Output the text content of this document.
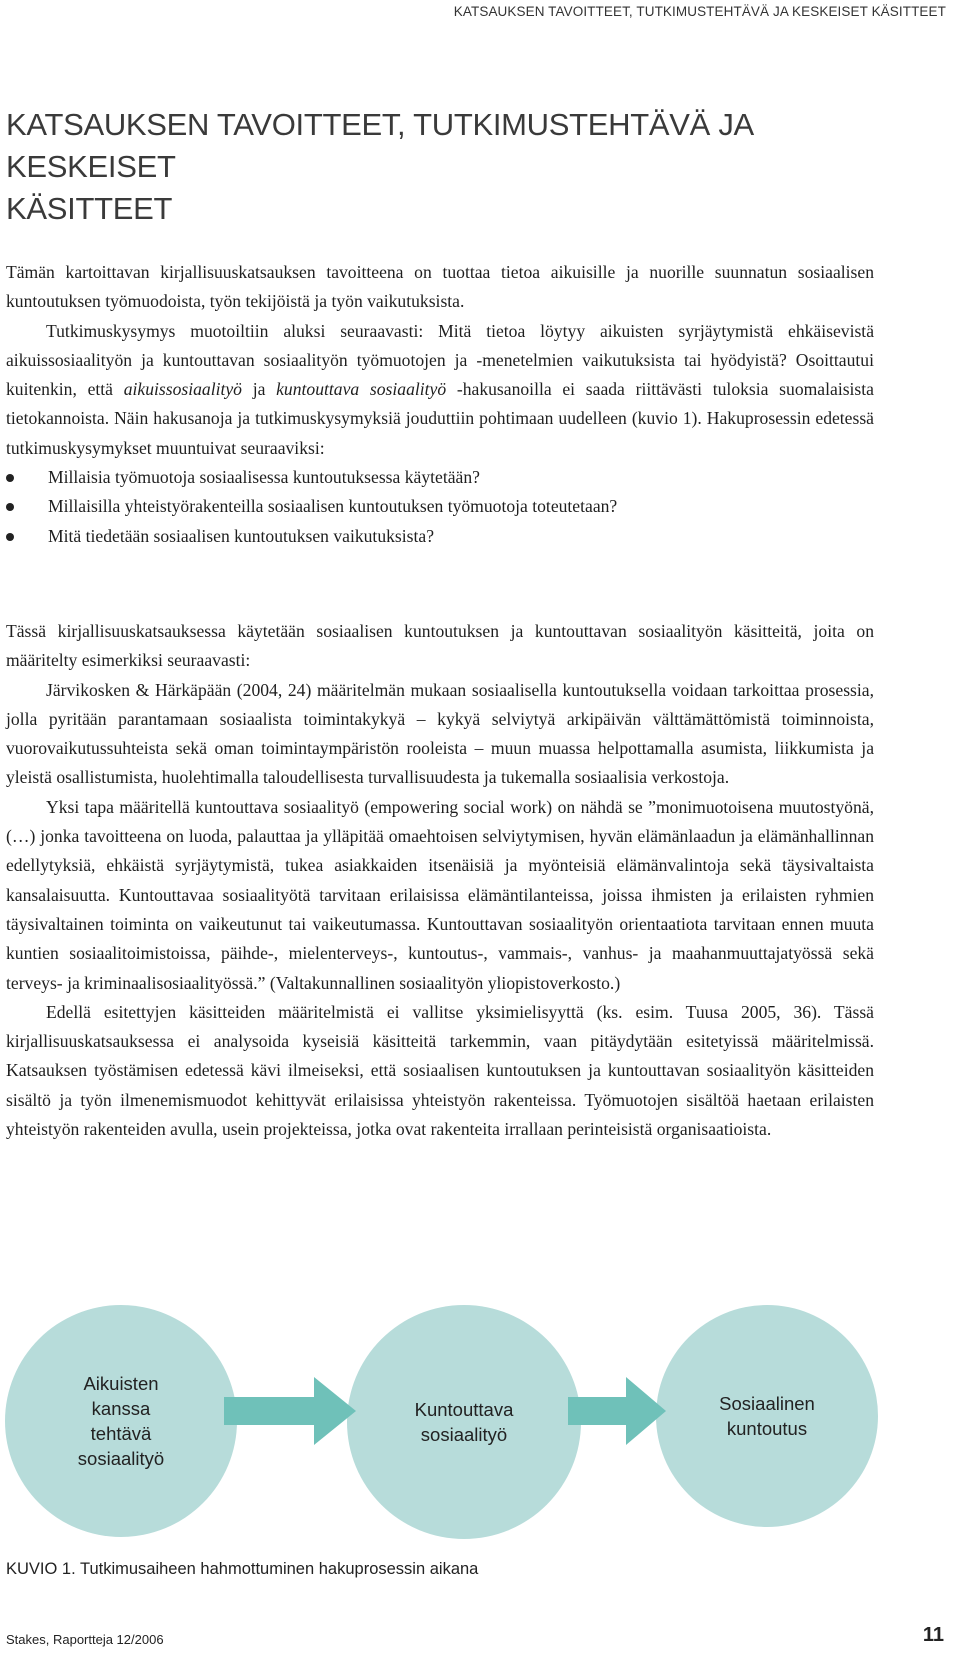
KATSAUKSEN TAVOITTEET, TUTKIMUSTEHTÄVÄ JA KESKEISET KÄSITTEET
KATSAUKSEN TAVOITTEET, TUTKIMUSTEHTÄVÄ JA KESKEISET
KÄSITTEET

Tämän kartoittavan kirjallisuuskatsauksen tavoitteena on tuottaa tietoa aikuisille ja nuorille suunnatun sosiaalisen kuntoutuksen työmuodoista, työn tekijöistä ja työn vaikutuksista.

Tutkimuskysymys muotoiltiin aluksi seuraavasti: Mitä tietoa löytyy aikuisten syrjäytymistä ehkäisevistä aikuissosiaalityön ja kuntouttavan sosiaalityön työmuotojen ja -menetelmien vaikutuksista tai hyödyistä? Osoittautui kuitenkin, että aikuissosiaalityö ja kuntouttava sosiaalityö -hakusanoilla ei saada riittävästi tuloksia suomalaisista tietokannoista. Näin hakusanoja ja tutkimuskysymyksiä jouduttiin pohtimaan uudelleen (kuvio 1). Hakuprosessin edetessä tutkimuskysymykset muuntuivat seuraaviksi:

Millaisia työmuotoja sosiaalisessa kuntoutuksessa käytetään?
Millaisilla yhteistyörakenteilla sosiaalisen kuntoutuksen työmuotoja toteutetaan?
Mitä tiedetään sosiaalisen kuntoutuksen vaikutuksista?

Tässä kirjallisuuskatsauksessa käytetään sosiaalisen kuntoutuksen ja kuntouttavan sosiaalityön käsitteitä, joita on määritelty esimerkiksi seuraavasti:

Järvikosken & Härkäpään (2004, 24) määritelmän mukaan sosiaalisella kuntoutuksella voidaan tarkoittaa prosessia, jolla pyritään parantamaan sosiaalista toimintakykyä – kykyä selviytyä arkipäivän välttämättömistä toiminnoista, vuorovaikutussuhteista sekä oman toimintaympäristön rooleista – muun muassa helpottamalla asumista, liikkumista ja yleistä osallistumista, huolehtimalla taloudellisesta turvallisuudesta ja tukemalla sosiaalisia verkostoja.

Yksi tapa määritellä kuntouttava sosiaalityö (empowering social work) on nähdä se ”monimuotoisena muutostyönä, (…) jonka tavoitteena on luoda, palauttaa ja ylläpitää omaehtoisen selviytymisen, hyvän elämänlaadun ja elämänhallinnan edellytyksiä, ehkäistä syrjäytymistä, tukea asiakkaiden itsenäisiä ja myönteisiä elämänvalintoja sekä täysivaltaista kansalaisuutta. Kuntouttavaa sosiaalityötä tarvitaan erilaisissa elämäntilanteissa, joissa ihmisten ja erilaisten ryhmien täysivaltainen toiminta on vaikeutunut tai vaikeutumassa. Kuntouttavan sosiaalityön orientaatiota tarvitaan ennen muuta kuntien sosiaalitoimistoissa, päihde-, mielenterveys-, kuntoutus-, vammais-, vanhus- ja maahanmuuttajatyössä sekä terveys- ja kriminaalisosiaalityössä.” (Valtakunnallinen sosiaalityön yliopistoverkosto.)

Edellä esitettyjen käsitteiden määritelmistä ei vallitse yksimielisyyttä (ks. esim. Tuusa 2005, 36). Tässä kirjallisuuskatsauksessa ei analysoida kyseisiä käsitteitä tarkemmin, vaan pitäydytään esitetyissä määritelmissä. Katsauksen työstämisen edetessä kävi ilmeiseksi, että sosiaalisen kuntoutuksen ja kuntouttavan sosiaalityön käsitteiden sisältö ja työn ilmenemismuodot kehittyvät erilaisissa yhteistyön rakenteissa. Työmuotojen sisältöä haetaan erilaisten yhteistyön rakenteiden avulla, usein projekteissa, jotka ovat rakenteita irrallaan perinteisistä organisaatioista.

Aikuisten
kanssa
tehtävä
sosiaalityö
Kuntouttava
sosiaalityö
Sosiaalinen
kuntoutus
KUVIO 1. Tutkimusaiheen hahmottuminen hakuprosessin aikana
Stakes, Raportteja 12/2006	11
